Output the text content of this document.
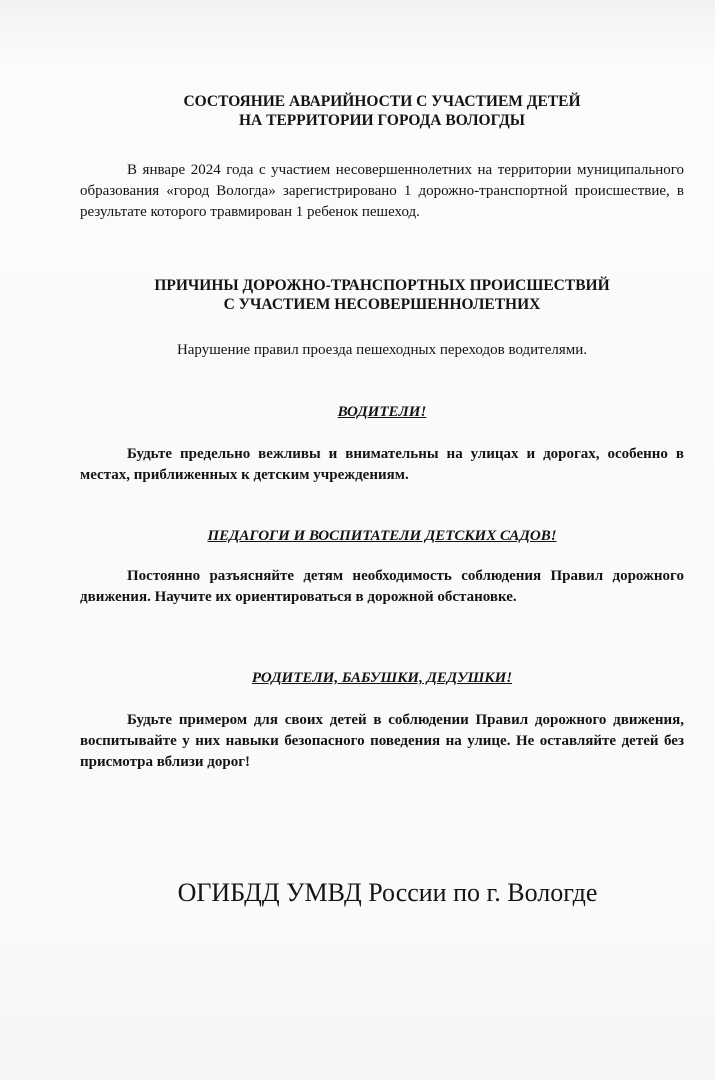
СОСТОЯНИЕ АВАРИЙНОСТИ С УЧАСТИЕМ ДЕТЕЙ
НА ТЕРРИТОРИИ ГОРОДА ВОЛОГДЫ

В январе 2024 года с участием несовершеннолетних на территории муниципального образования «город Вологда» зарегистрировано 1 дорожно-транспортной происшествие, в результате которого травмирован 1 ребенок пешеход.

ПРИЧИНЫ ДОРОЖНО-ТРАНСПОРТНЫХ ПРОИСШЕСТВИЙ
С УЧАСТИЕМ НЕСОВЕРШЕННОЛЕТНИХ

Нарушение правил проезда пешеходных переходов водителями.

ВОДИТЕЛИ!

Будьте предельно вежливы и внимательны на улицах и дорогах, особенно в местах, приближенных к детским учреждениям.

ПЕДАГОГИ И ВОСПИТАТЕЛИ ДЕТСКИХ САДОВ!

Постоянно разъясняйте детям необходимость соблюдения Правил дорожного движения. Научите их ориентироваться в дорожной обстановке.

РОДИТЕЛИ, БАБУШКИ, ДЕДУШКИ!

Будьте примером для своих детей в соблюдении Правил дорожного движения, воспитывайте у них навыки безопасного поведения на улице. Не оставляйте детей без присмотра вблизи дорог!

ОГИБДД УМВД России по г. Вологде
